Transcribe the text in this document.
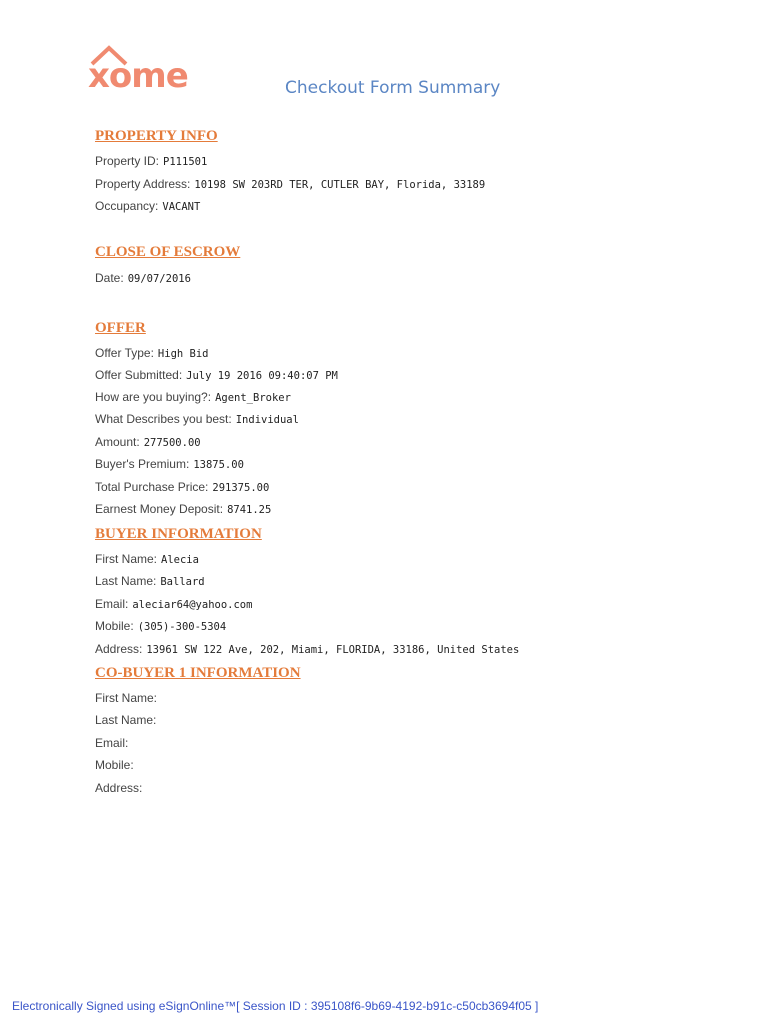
xome	Checkout Form Summary
PROPERTY INFO
Property ID: P111501
Property Address: 10198 SW 203RD TER, CUTLER BAY, Florida, 33189
Occupancy: VACANT
CLOSE OF ESCROW
Date: 09/07/2016
OFFER
Offer Type: High Bid
Offer Submitted: July 19 2016 09:40:07 PM
How are you buying?: Agent_Broker
What Describes you best: Individual
Amount: 277500.00
Buyer's Premium: 13875.00
Total Purchase Price: 291375.00
Earnest Money Deposit: 8741.25
BUYER INFORMATION
First Name: Alecia
Last Name: Ballard
Email: aleciar64@yahoo.com
Mobile: (305)-300-5304
Address: 13961 SW 122 Ave, 202, Miami, FLORIDA, 33186, United States
CO-BUYER 1 INFORMATION
First Name:
Last Name:
Email:
Mobile:
Address:
Electronically Signed using eSignOnline™[ Session ID : 395108f6-9b69-4192-b91c-c50cb3694f05 ]
